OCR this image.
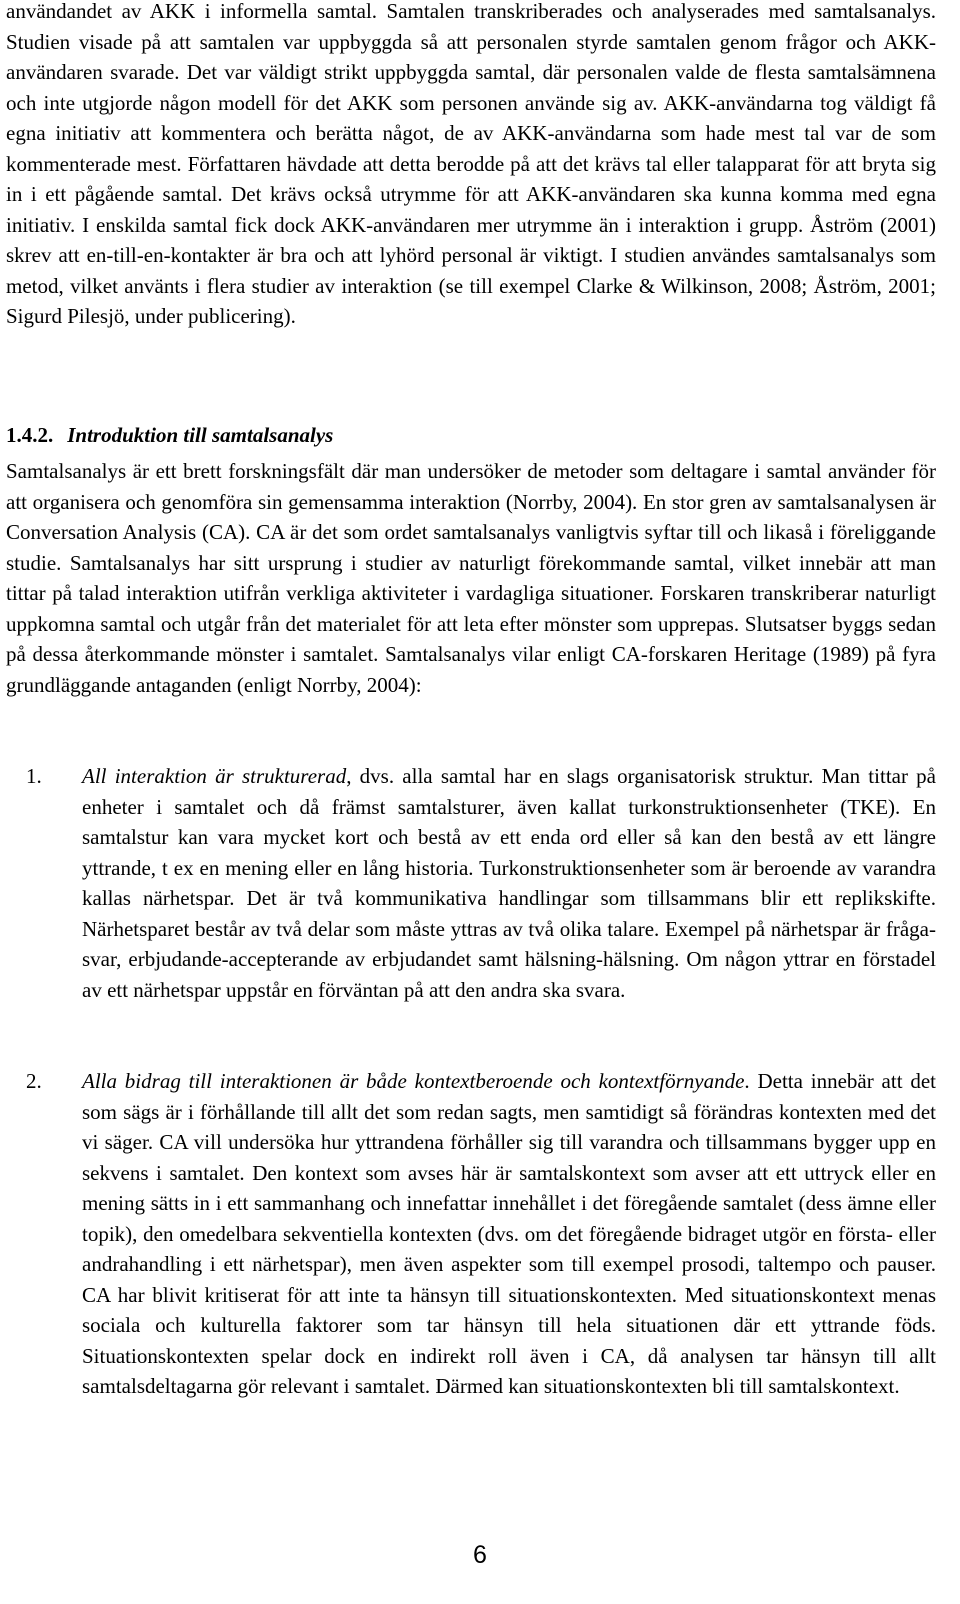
användandet av AKK i informella samtal. Samtalen transkriberades och analyserades med samtalsanalys. Studien visade på att samtalen var uppbyggda så att personalen styrde samtalen genom frågor och AKK-användaren svarade. Det var väldigt strikt uppbyggda samtal, där personalen valde de flesta samtalsämnena och inte utgjorde någon modell för det AKK som personen använde sig av. AKK-användarna tog väldigt få egna initiativ att kommentera och berätta något, de av AKK-användarna som hade mest tal var de som kommenterade mest. Författaren hävdade att detta berodde på att det krävs tal eller talapparat för att bryta sig in i ett pågående samtal. Det krävs också utrymme för att AKK-användaren ska kunna komma med egna initiativ. I enskilda samtal fick dock AKK-användaren mer utrymme än i interaktion i grupp. Åström (2001) skrev att en-till-en-kontakter är bra och att lyhörd personal är viktigt. I studien användes samtalsanalys som metod, vilket använts i flera studier av interaktion (se till exempel Clarke & Wilkinson, 2008; Åström, 2001; Sigurd Pilesjö, under publicering).

1.4.2. Introduktion till samtalsanalys

Samtalsanalys är ett brett forskningsfält där man undersöker de metoder som deltagare i samtal använder för att organisera och genomföra sin gemensamma interaktion (Norrby, 2004). En stor gren av samtalsanalysen är Conversation Analysis (CA). CA är det som ordet samtalsanalys vanligtvis syftar till och likaså i föreliggande studie. Samtalsanalys har sitt ursprung i studier av naturligt förekommande samtal, vilket innebär att man tittar på talad interaktion utifrån verkliga aktiviteter i vardagliga situationer. Forskaren transkriberar naturligt uppkomna samtal och utgår från det materialet för att leta efter mönster som upprepas. Slutsatser byggs sedan på dessa återkommande mönster i samtalet. Samtalsanalys vilar enligt CA-forskaren Heritage (1989) på fyra grundläggande antaganden (enligt Norrby, 2004):

1. All interaktion är strukturerad, dvs. alla samtal har en slags organisatorisk struktur. Man tittar på enheter i samtalet och då främst samtalsturer, även kallat turkonstruktionsenheter (TKE). En samtalstur kan vara mycket kort och bestå av ett enda ord eller så kan den bestå av ett längre yttrande, t ex en mening eller en lång historia. Turkonstruktionsenheter som är beroende av varandra kallas närhetspar. Det är två kommunikativa handlingar som tillsammans blir ett replikskifte. Närhetsparet består av två delar som måste yttras av två olika talare. Exempel på närhetspar är fråga-svar, erbjudande-accepterande av erbjudandet samt hälsning-hälsning. Om någon yttrar en förstadel av ett närhetspar uppstår en förväntan på att den andra ska svara.
2. Alla bidrag till interaktionen är både kontextberoende och kontextförnyande. Detta innebär att det som sägs är i förhållande till allt det som redan sagts, men samtidigt så förändras kontexten med det vi säger. CA vill undersöka hur yttrandena förhåller sig till varandra och tillsammans bygger upp en sekvens i samtalet. Den kontext som avses här är samtalskontext som avser att ett uttryck eller en mening sätts in i ett sammanhang och innefattar innehållet i det föregående samtalet (dess ämne eller topik), den omedelbara sekventiella kontexten (dvs. om det föregående bidraget utgör en första- eller andrahandling i ett närhetspar), men även aspekter som till exempel prosodi, taltempo och pauser. CA har blivit kritiserat för att inte ta hänsyn till situationskontexten. Med situationskontext menas sociala och kulturella faktorer som tar hänsyn till hela situationen där ett yttrande föds. Situationskontexten spelar dock en indirekt roll även i CA, då analysen tar hänsyn till allt samtalsdeltagarna gör relevant i samtalet. Därmed kan situationskontexten bli till samtalskontext.
6
